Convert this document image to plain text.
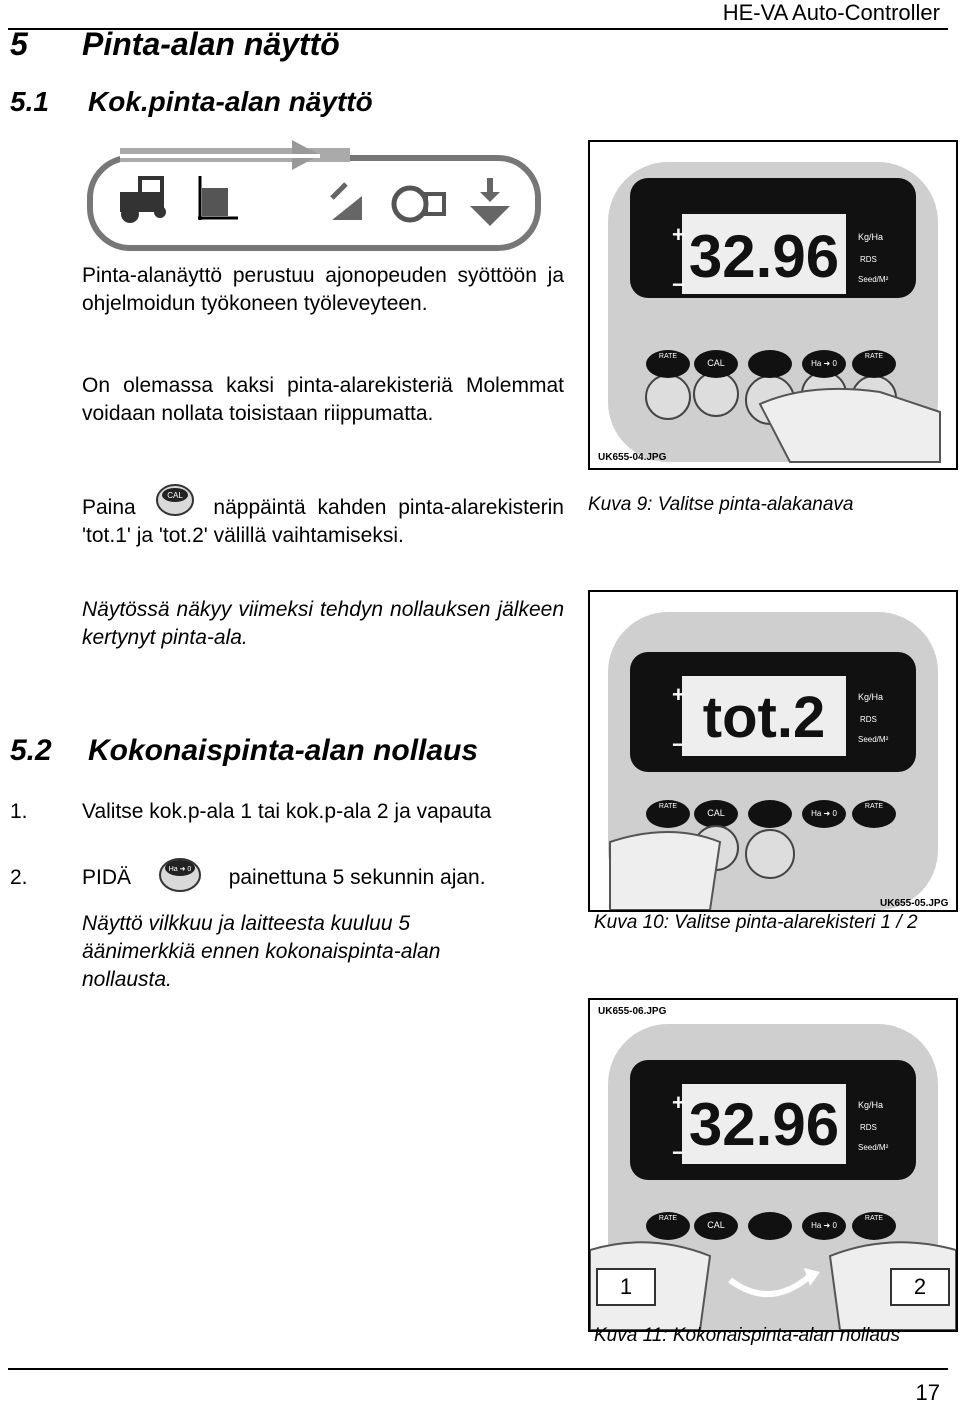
HE-VA Auto-Controller
5 Pinta-alan näyttö
5.1 Kok.pinta-alan näyttö
Pinta-alanäyttö perustuu ajonopeuden syöttöön ja ohjelmoidun työkoneen työleveyteen.
On olemassa kaksi pinta-alarekisteriä Molemmat voidaan nollata toisistaan riippumatta.
Paina
CAL
näppäintä kahden pinta-alarekisterin 'tot.1' ja 'tot.2' välillä vaihtamiseksi.
Näytössä näkyy viimeksi tehdyn nollauksen jälkeen kertynyt pinta-ala.
5.2 Kokonaispinta-alan nollaus
1.	Valitse kok.p-ala 1 tai kok.p-ala 2 ja vapauta
2.	PIDÄ	Ha ➜ 0 painettuna 5 sekunnin ajan.
Näyttö vilkkuu ja laitteesta kuuluu 5 äänimerkkiä ennen kokonaispinta-alan nollausta.
32.96
+
−
Kg/Ha
Seed/M²
RDS
CAL
RATE
Ha ➜ 0
RATE
UK655-04.JPG
Kuva 9: Valitse pinta-alakanava
tot.2
+
−
Kg/Ha
Seed/M²
RDS
CAL
RATE
Ha ➜ 0
RATE
UK655-05.JPG
Kuva 10: Valitse pinta-alarekisteri 1 / 2
32.96
+
−
Kg/Ha
Seed/M²
RDS
CAL
RATE
Ha ➜ 0
RATE
UK655-06.JPG
1	2
Kuva 11: Kokonaispinta-alan nollaus
17
